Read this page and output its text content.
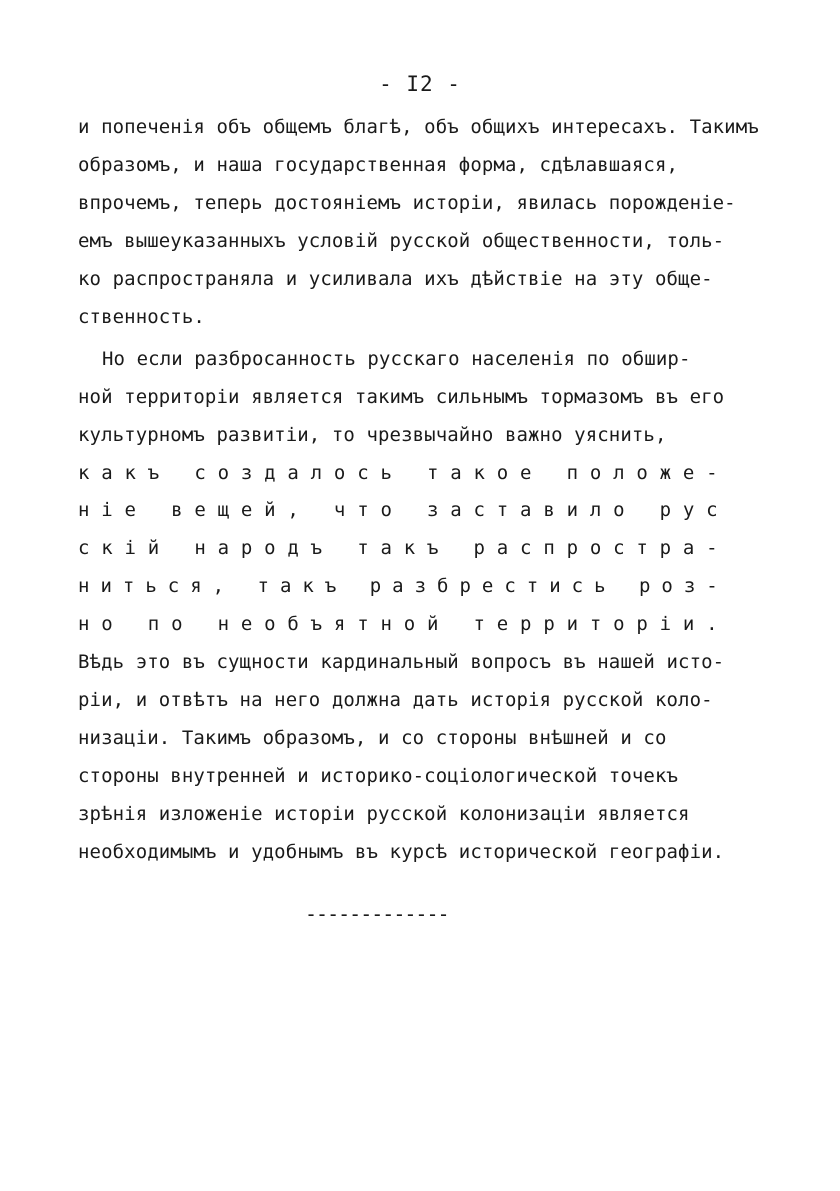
- I2 -
и попеченія объ общемъ благѣ, объ общихъ интересахъ. Такимъ
образомъ, и наша государственная форма, сдѣлавшаяся,
впрочемъ, теперь достояніемъ исторіи, явилась порожденіе-
емъ вышеуказанныхъ условій русской общественности, толь-
ко распространяла и усиливала ихъ дѣйствіе на эту обще-
ственность.
Но если разбросанность русскаго населенія по обшир-
ной территоріи является такимъ сильнымъ тормазомъ въ его
культурномъ развитіи, то чрезвычайно важно уяснить,
к а к ъ
с о з д а л о с ь
т а к о е
п о л о ж е -
н і е
в е щ е й ,
ч т о
з а с т а в и л о
р у с
с к і й
н а р о д ъ
т а к ъ
р а с п р о с т р а -
н и т ь с я ,
т а к ъ
р а з б р е с т и с ь
р о з -
н о
п о
н е о б ъ я т н о й
т е р р и т о р і и .
Вѣдь это въ сущности кардинальный вопросъ въ нашей исто-
ріи, и отвѣтъ на него должна дать исторія русской коло-
низаціи. Такимъ образомъ, и со стороны внѣшней и со
стороны внутренней и историко-соціологической точекъ
зрѣнія изложеніе исторіи русской колонизаціи является
необходимымъ и удобнымъ въ курсѣ исторической географіи.
-------------
